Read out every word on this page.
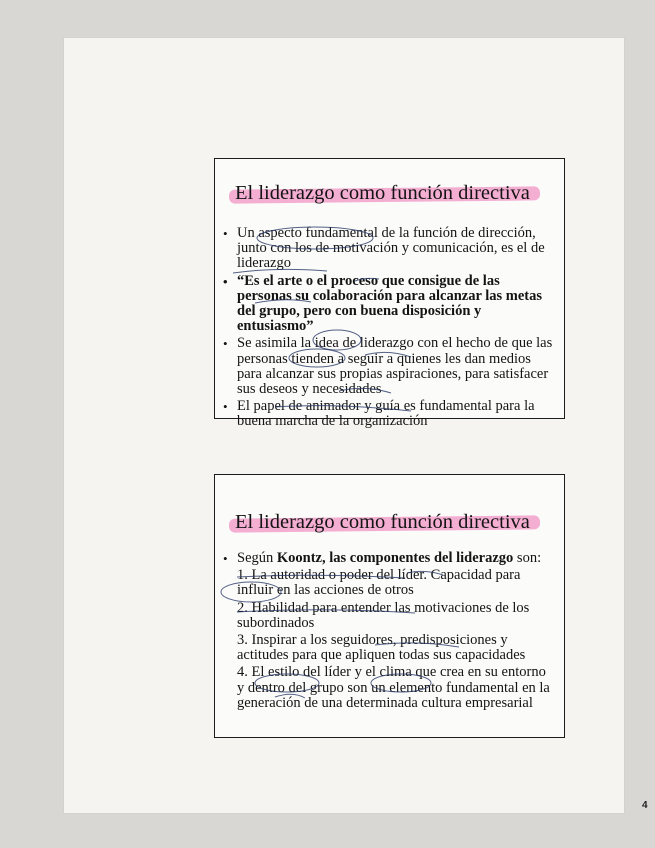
El liderazgo como función directiva
• Un aspecto fundamental de la función de dirección, junto con los de motivación y comunicación, es el de liderazgo
• “Es el arte o el proceso que consigue de las personas su colaboración para alcanzar las metas del grupo, pero con buena disposición y entusiasmo”
• Se asimila la idea de liderazgo con el hecho de que las personas tienden a seguir a quienes les dan medios para alcanzar sus propias aspiraciones, para satisfacer sus deseos y necesidades
• El papel de animador y guía es fundamental para la buena marcha de la organización
El liderazgo como función directiva
• Según Koontz, las componentes del liderazgo son:
1. La autoridad o poder del líder. Capacidad para influir en las acciones de otros
2. Habilidad para entender las motivaciones de los subordinados
3. Inspirar a los seguidores, predisposiciones y actitudes para que apliquen todas sus capacidades
4. El estilo del líder y el clima que crea en su entorno y dentro del grupo son un elemento fundamental en la generación de una determinada cultura empresarial
4
